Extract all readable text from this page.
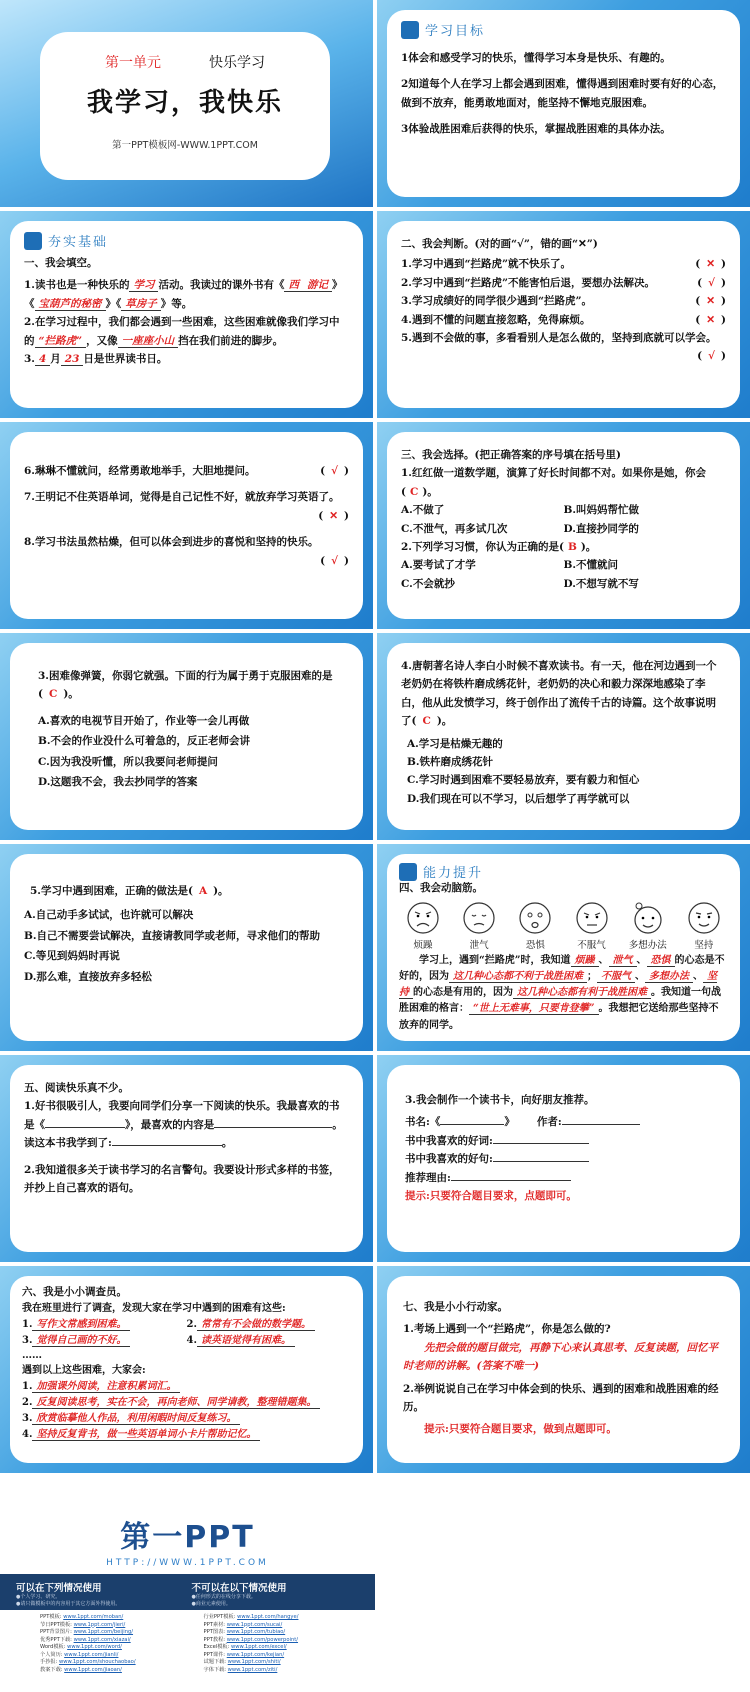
第一单元	快乐学习
我学习，我快乐
第一PPT模板网-WWW.1PPT.COM
学习目标

1体会和感受学习的快乐，懂得学习本身是快乐、有趣的。

2知道每个人在学习上都会遇到困难，懂得遇到困难时要有好的心态，做到不放弃，能勇敢地面对，能坚持不懈地克服困难。

3体验战胜困难后获得的快乐，掌握战胜困难的具体办法。

夯实基础

一、我会填空。

1.读书也是一种快乐的 学习 活动。我读过的课外书有《 西 游记 》《 宝葫芦的秘密 》《 草房子 》等。

2.在学习过程中，我们都会遇到一些困难，这些困难就像我们学习中的 “拦路虎” ，又像 一座座小山 挡在我们前进的脚步。

3. 4 月 23 日是世界读书日。

二、我会判断。(对的画“√”，错的画“✕”)

1.学习中遇到“拦路虎”就不快乐了。	( ✕ )
2.学习中遇到“拦路虎”不能害怕后退，要想办法解决。	( √ )
3.学习成绩好的同学很少遇到“拦路虎”。	( ✕ )
4.遇到不懂的问题直接忽略，免得麻烦。	( ✕ )
5.遇到不会做的事，多看看别人是怎么做的，坚持到底就可以学会。
( √ )
6.琳琳不懂就问，经常勇敢地举手，大胆地提问。	( √ )
7.王明记不住英语单词，觉得是自己记性不好，就放弃学习英语了。
( ✕ )
8.学习书法虽然枯燥，但可以体会到进步的喜悦和坚持的快乐。
( √ )

三、我会选择。(把正确答案的序号填在括号里)

1.红红做一道数学题，演算了好长时间都不对。如果你是她，你会( C )。

A.不做了	B.叫妈妈帮忙做
C.不泄气，再多试几次	D.直接抄同学的

2.下列学习习惯，你认为正确的是( B )。

A.要考试了才学	B.不懂就问
C.不会就抄	D.不想写就不写

3.困难像弹簧，你弱它就强。下面的行为属于勇于克服困难的是( C )。

A.喜欢的电视节目开始了，作业等一会儿再做

B.不会的作业没什么可着急的，反正老师会讲

C.因为我没听懂，所以我要问老师提问

D.这题我不会，我去抄同学的答案

4.唐朝著名诗人李白小时候不喜欢读书。有一天，他在河边遇到一个老奶奶在将铁杵磨成绣花针，老奶奶的决心和毅力深深地感染了李白，他从此发愤学习，终于创作出了流传千古的诗篇。这个故事说明了( C )。

A.学习是枯燥无趣的

B.铁杵磨成绣花针

C.学习时遇到困难不要轻易放弃，要有毅力和恒心

D.我们现在可以不学习，以后想学了再学就可以

5.学习中遇到困难，正确的做法是( A )。

A.自己动手多试试，也许就可以解决

B.自己不需要尝试解决，直接请教同学或老师，寻求他们的帮助

C.等见到妈妈时再说

D.那么难，直接放弃多轻松

能力提升

四、我会动脑筋。

烦躁	泄气	恐惧	不服气 多想办法	坚持

学习上，遇到“拦路虎”时，我知道 烦躁 、 泄气 、 恐惧 的心态是不好的，因为 这几种心态都不利于战胜困难 ； 不服气 、 多想办法 、 坚持 的心态是有用的，因为 这几种心态都有利于战胜困难 。我知道一句战胜困难的格言： “世上无难事，只要肯登攀” 。我想把它送给那些坚持不放弃的同学。

五、阅读快乐真不少。

1.好书很吸引人，我要向同学们分享一下阅读的快乐。我最喜欢的书是《	》，最喜欢的内容是	。

读这本书我学到了:	。

2.我知道很多关于读书学习的名言警句。我要设计形式多样的书签，并抄上自己喜欢的语句。

3.我会制作一个读书卡，向好朋友推荐。

书名:《	》 作者:

书中我喜欢的好词:

书中我喜欢的好句:

推荐理由:

提示:只要符合题目要求，点题即可。

六、我是小小调查员。

我在班里进行了调查，发现大家在学习中遇到的困难有这些:

1. 写作文常感到困难。	2. 常常有不会做的数学题。
3. 觉得自己画的不好。	4. 读英语觉得有困难。

……

遇到以上这些困难，大家会:

1. 加强课外阅读，注意积累词汇。

2. 反复阅读思考，实在不会，再向老师、同学请教，整理错题集。

3. 欣赏临摹他人作品，利用闲暇时间反复练习。

4. 坚持反复背书，做一些英语单词小卡片帮助记忆。

七、我是小小行动家。

1.考场上遇到一个“拦路虎”，你是怎么做的?

先把会做的题目做完，再静下心来认真思考、反复读题，回忆平时老师的讲解。(答案不唯一)

2.举例说说自己在学习中体会到的快乐、遇到的困难和战胜困难的经历。

提示:只要符合题目要求，做到点题即可。

第一PPT
HTTP://WWW.1PPT.COM
可以在下列情况使用
●个人学习、研究。
●请只做模板中的内容用于其它方面外得使用。
不可以在以下情况使用
●任何形式的在线分享下载。
●商业元素使用。
PPT模板: www.1ppt.com/moban/
节日PPT模板: www.1ppt.com/jieri/
PPT背景图片: www.1ppt.com/beijing/
优秀PPT下载: www.1ppt.com/xiazai/
Word模板: www.1ppt.com/word/
个人简历: www.1ppt.com/jianli/
手抄报: www.1ppt.com/shouchaobao/
教案下载: www.1ppt.com/jiaoan/
行业PPT模板: www.1ppt.com/hangye/
PPT素材: www.1ppt.com/sucai/
PPT图表: www.1ppt.com/tubiao/
PPT教程: www.1ppt.com/powerpoint/
Excel模板: www.1ppt.com/excel/
PPT课件: www.1ppt.com/kejian/
试题下载: www.1ppt.com/shiti/
字体下载: www.1ppt.com/ziti/
